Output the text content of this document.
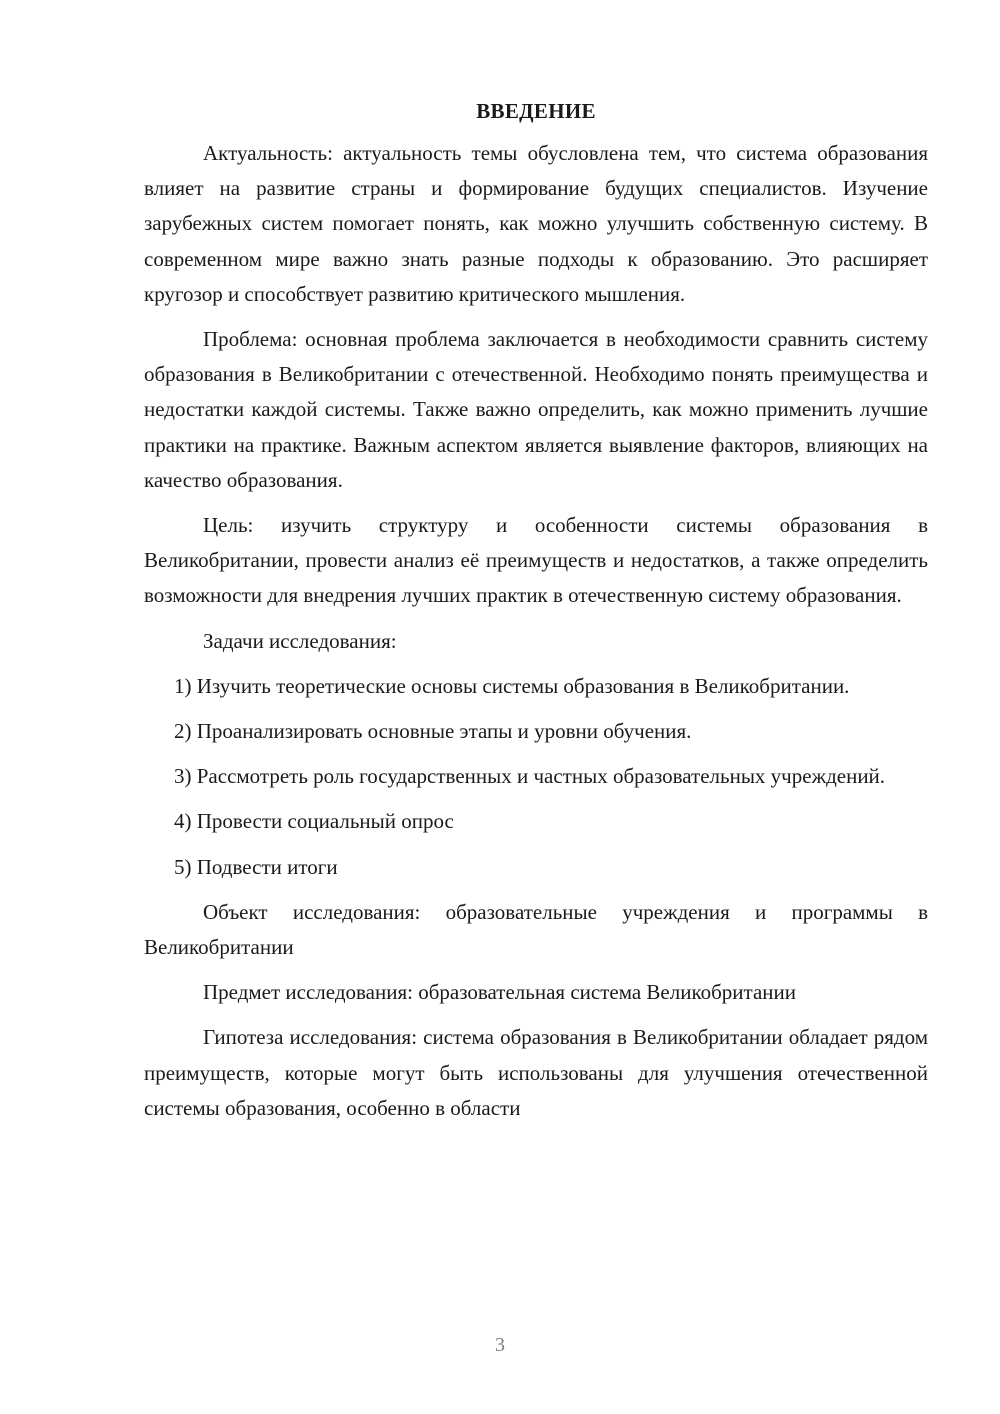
ВВЕДЕНИЕ

Актуальность: актуальность темы обусловлена тем, что система образования влияет на развитие страны и формирование будущих специалистов. Изучение зарубежных систем помогает понять, как можно улучшить собственную систему. В современном мире важно знать разные подходы к образованию. Это расширяет кругозор и способствует развитию критического мышления.

Проблема: основная проблема заключается в необходимости сравнить систему образования в Великобритании с отечественной. Необходимо понять преимущества и недостатки каждой системы. Также важно определить, как можно применить лучшие практики на практике. Важным аспектом является выявление факторов, влияющих на качество образования.

Цель: изучить структуру и особенности системы образования в Великобритании, провести анализ её преимуществ и недостатков, а также определить возможности для внедрения лучших практик в отечественную систему образования.

Задачи исследования:

1) Изучить теоретические основы системы образования в Великобритании.

2) Проанализировать основные этапы и уровни обучения.

3) Рассмотреть роль государственных и частных образовательных учреждений.

4) Провести социальный опрос

5) Подвести итоги

Объект исследования: образовательные учреждения и программы в Великобритании

Предмет исследования: образовательная система Великобритании

Гипотеза исследования: система образования в Великобритании обладает рядом преимуществ, которые могут быть использованы для улучшения отечественной системы образования, особенно в области

3
